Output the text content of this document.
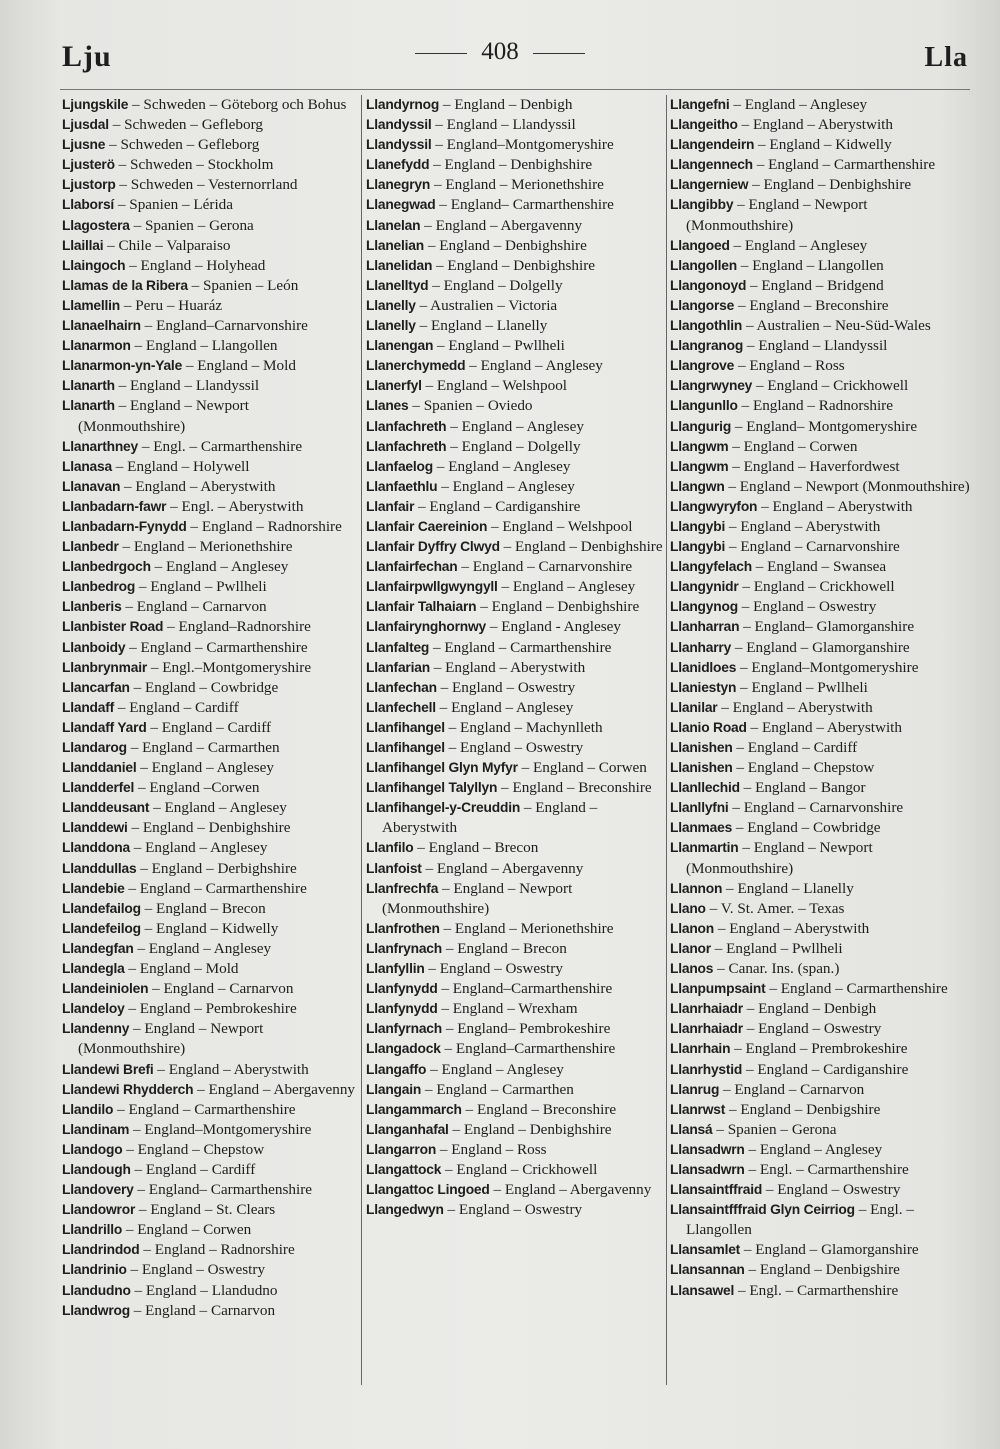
Lju	408	Lla
Ljungskile – Schweden – Göteborg och Bohus
Ljusdal – Schweden – Gefleborg
Ljusne – Schweden – Gefleborg
Ljusterö – Schweden – Stockholm
Ljustorp – Schweden – Vesternorrland
Llaborsí – Spanien – Lérida
Llagostera – Spanien – Gerona
Llaillai – Chile – Valparaiso
Llaingoch – England – Holyhead
Llamas de la Ribera – Spanien – León
Llamellin – Peru – Huaráz
Llanaelhairn – England–Carnarvonshire
Llanarmon – England – Llangollen
Llanarmon-yn-Yale – England – Mold
Llanarth – England – Llandyssil
Llanarth – England – Newport (Monmouthshire)
Llanarthney – Engl. – Carmarthenshire
Llanasa – England – Holywell
Llanavan – England – Aberystwith
Llanbadarn-fawr – Engl. – Aberystwith
Llanbadarn-Fynydd – England – Radnorshire
Llanbedr – England – Merionethshire
Llanbedrgoch – England – Anglesey
Llanbedrog – England – Pwllheli
Llanberis – England – Carnarvon
Llanbister Road – England–Radnorshire
Llanboidy – England – Carmarthenshire
Llanbrynmair – Engl.–Montgomeryshire
Llancarfan – England – Cowbridge
Llandaff – England – Cardiff
Llandaff Yard – England – Cardiff
Llandarog – England – Carmarthen
Llanddaniel – England – Anglesey
Llandderfel – England –Corwen
Llanddeusant – England – Anglesey
Llanddewi – England – Denbighshire
Llanddona – England – Anglesey
Llanddullas – England – Derbighshire
Llandebie – England – Carmarthenshire
Llandefailog – England – Brecon
Llandefeilog – England – Kidwelly
Llandegfan – England – Anglesey
Llandegla – England – Mold
Llandeiniolen – England – Carnarvon
Llandeloy – England – Pembrokeshire
Llandenny – England – Newport (Monmouthshire)
Llandewi Brefi – England – Aberystwith
Llandewi Rhydderch – England – Abergavenny
Llandilo – England – Carmarthenshire
Llandinam – England–Montgomeryshire
Llandogo – England – Chepstow
Llandough – England – Cardiff
Llandovery – England– Carmarthenshire
Llandowror – England – St. Clears
Llandrillo – England – Corwen
Llandrindod – England – Radnorshire
Llandrinio – England – Oswestry
Llandudno – England – Llandudno
Llandwrog – England – Carnarvon
Llandyrnog – England – Denbigh
Llandyssil – England – Llandyssil
Llandyssil – England–Montgomeryshire
Llanefydd – England – Denbighshire
Llanegryn – England – Merionethshire
Llanegwad – England– Carmarthenshire
Llanelan – England – Abergavenny
Llanelian – England – Denbighshire
Llanelidan – England – Denbighshire
Llanelltyd – England – Dolgelly
Llanelly – Australien – Victoria
Llanelly – England – Llanelly
Llanengan – England – Pwllheli
Llanerchymedd – England – Anglesey
Llanerfyl – England – Welshpool
Llanes – Spanien – Oviedo
Llanfachreth – England – Anglesey
Llanfachreth – England – Dolgelly
Llanfaelog – England – Anglesey
Llanfaethlu – England – Anglesey
Llanfair – England – Cardiganshire
Llanfair Caereinion – England – Welshpool
Llanfair Dyffry Clwyd – England – Denbighshire
Llanfairfechan – England – Carnarvonshire
Llanfairpwllgwyngyll – England – Anglesey
Llanfair Talhaiarn – England – Denbighshire
Llanfairynghornwy – England - Anglesey
Llanfalteg – England – Carmarthenshire
Llanfarian – England – Aberystwith
Llanfechan – England – Oswestry
Llanfechell – England – Anglesey
Llanfihangel – England – Machynlleth
Llanfihangel – England – Oswestry
Llanfihangel Glyn Myfyr – England – Corwen
Llanfihangel Talyllyn – England – Breconshire
Llanfihangel-y-Creuddin – England – Aberystwith
Llanfilo – England – Brecon
Llanfoist – England – Abergavenny
Llanfrechfa – England – Newport (Monmouthshire)
Llanfrothen – England – Merionethshire
Llanfrynach – England – Brecon
Llanfyllin – England – Oswestry
Llanfynydd – England–Carmarthenshire
Llanfynydd – England – Wrexham
Llanfyrnach – England– Pembrokeshire
Llangadock – England–Carmarthenshire
Llangaffo – England – Anglesey
Llangain – England – Carmarthen
Llangammarch – England – Breconshire
Llanganhafal – England – Denbighshire
Llangarron – England – Ross
Llangattock – England – Crickhowell
Llangattoc Lingoed – England – Abergavenny
Llangedwyn – England – Oswestry
Llangefni – England – Anglesey
Llangeitho – England – Aberystwith
Llangendeirn – England – Kidwelly
Llangennech – England – Carmarthenshire
Llangerniew – England – Denbighshire
Llangibby – England – Newport (Monmouthshire)
Llangoed – England – Anglesey
Llangollen – England – Llangollen
Llangonoyd – England – Bridgend
Llangorse – England – Breconshire
Llangothlin – Australien – Neu-Süd-Wales
Llangranog – England – Llandyssil
Llangrove – England – Ross
Llangrwyney – England – Crickhowell
Llangunllo – England – Radnorshire
Llangurig – England– Montgomeryshire
Llangwm – England – Corwen
Llangwm – England – Haverfordwest
Llangwn – England – Newport (Monmouthshire)
Llangwyryfon – England – Aberystwith
Llangybi – England – Aberystwith
Llangybi – England – Carnarvonshire
Llangyfelach – England – Swansea
Llangynidr – England – Crickhowell
Llangynog – England – Oswestry
Llanharran – England– Glamorganshire
Llanharry – England – Glamorganshire
Llanidloes – England–Montgomeryshire
Llaniestyn – England – Pwllheli
Llanilar – England – Aberystwith
Llanio Road – England – Aberystwith
Llanishen – England – Cardiff
Llanishen – England – Chepstow
Llanllechid – England – Bangor
Llanllyfni – England – Carnarvonshire
Llanmaes – England – Cowbridge
Llanmartin – England – Newport (Monmouthshire)
Llannon – England – Llanelly
Llano – V. St. Amer. – Texas
Llanon – England – Aberystwith
Llanor – England – Pwllheli
Llanos – Canar. Ins. (span.)
Llanpumpsaint – England – Carmarthenshire
Llanrhaiadr – England – Denbigh
Llanrhaiadr – England – Oswestry
Llanrhain – England – Prembrokeshire
Llanrhystid – England – Cardiganshire
Llanrug – England – Carnarvon
Llanrwst – England – Denbigshire
Llansá – Spanien – Gerona
Llansadwrn – England – Anglesey
Llansadwrn – Engl. – Carmarthenshire
Llansaintffraid – England – Oswestry
Llansaintfffraid Glyn Ceirriog – Engl. – Llangollen
Llansamlet – England – Glamorganshire
Llansannan – England – Denbigshire
Llansawel – Engl. – Carmarthenshire
